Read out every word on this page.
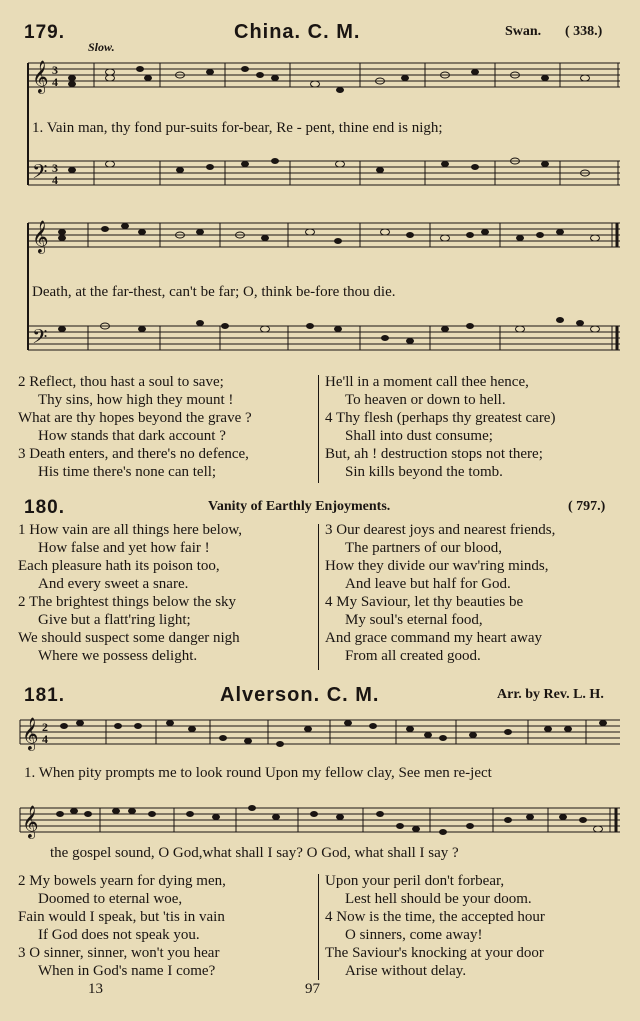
179.	China. C. M.	Swan. ( 338.)
Slow.
𝄞
𝄢
3
4
3
4
1. Vain man, thy fond pur-suits for-bear, Re - pent, thine end is nigh;
𝄞
𝄢
Death, at the far-thest, can't be far; O, think be-fore thou die.
2 Reflect, thou hast a soul to save;
Thy sins, how high they mount !
What are thy hopes beyond the grave ?
How stands that dark account ?
3 Death enters, and there's no defence,
His time there's none can tell;
He'll in a moment call thee hence,
To heaven or down to hell.
4 Thy flesh (perhaps thy greatest care)
Shall into dust consume;
But, ah ! destruction stops not there;
Sin kills beyond the tomb.
180.	Vanity of Earthly Enjoyments.	( 797.)
1 How vain are all things here below,
How false and yet how fair !
Each pleasure hath its poison too,
And every sweet a snare.
2 The brightest things below the sky
Give but a flatt'ring light;
We should suspect some danger nigh
Where we possess delight.
3 Our dearest joys and nearest friends,
The partners of our blood,
How they divide our wav'ring minds,
And leave but half for God.
4 My Saviour, let thy beauties be
My soul's eternal food,
And grace command my heart away
From all created good.
181.	Alverson. C. M.	Arr. by Rev. L. H.
𝄞 2
4
1. When pity prompts me to look round Upon my fellow clay, See men re-ject
𝄞
the gospel sound, O God,what shall I say? O God, what shall I say ?
2 My bowels yearn for dying men,
Doomed to eternal woe,
Fain would I speak, but 'tis in vain
If God does not speak you.
3 O sinner, sinner, won't you hear
When in God's name I come?
Upon your peril don't forbear,
Lest hell should be your doom.
4 Now is the time, the accepted hour
O sinners, come away!
The Saviour's knocking at your door
Arise without delay.
13	97
